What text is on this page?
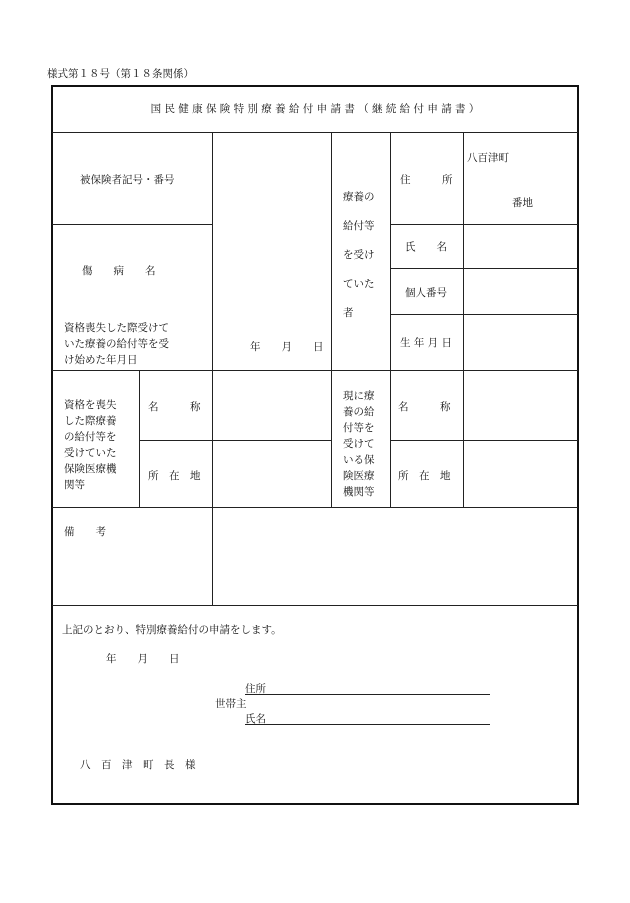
様式第１８号（第１８条関係）
国 民 健 康 保 険 特 別 療 養 給 付 申 請 書 （ 継 続 給 付 申 請 書 ）
被保険者記号・番号
傷　　病　　名
資格喪失した際受けて
いた療養の給付等を受
け始めた年月日
年　　月　　日
療養の
給付等
を受け
ていた
者
住　　　所
八百津町
番地
氏　　名
個人番号
生 年 月 日
資格を喪失
した際療養
の給付等を
受けていた
保険医療機
関等
名　　　称
所　在　地
現に療
養の給
付等を
受けて
いる保
険医療
機関等
名　　　称
所　在　地
備　　考
上記のとおり、特別療養給付の申請をします。
年　　月　　日
住所
世帯主
氏名
八　百　津　町　長　様
